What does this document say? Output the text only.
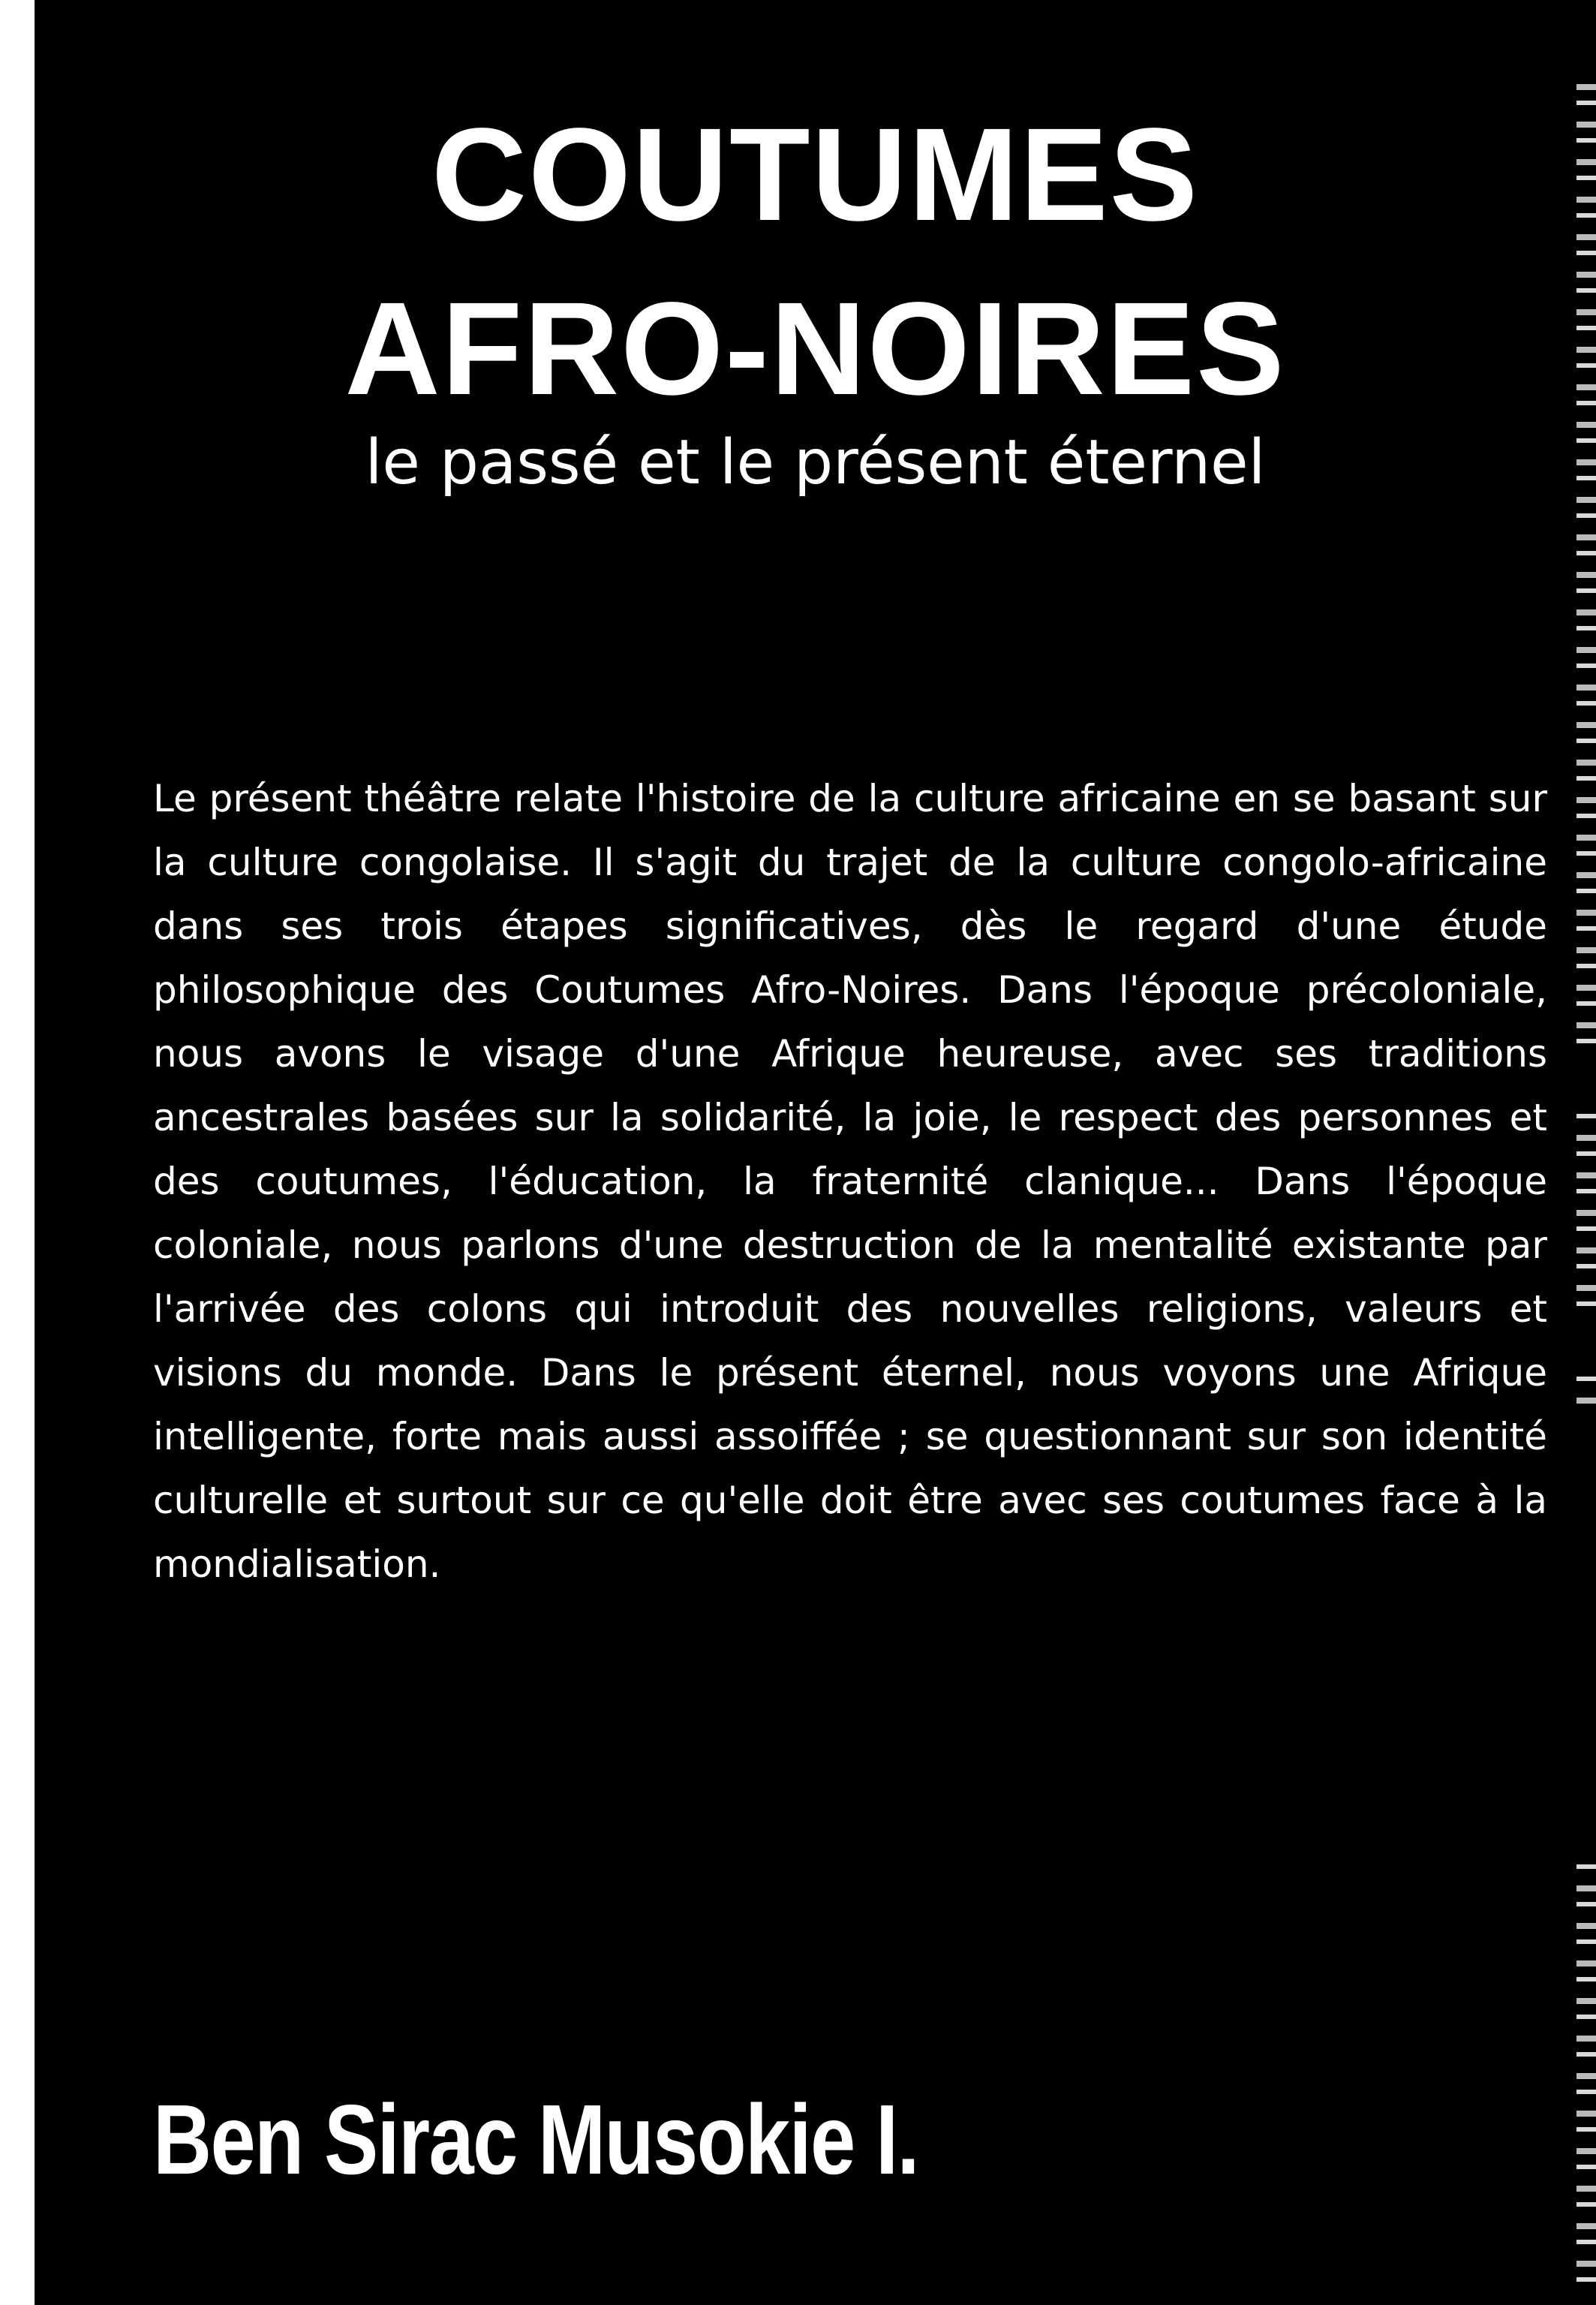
COUTUMES
AFRO-NOIRES

le passé et le présent éternel

Le présent théâtre relate l'histoire de la culture africaine en se basant sur la culture congolaise. Il s'agit du trajet de la culture congolo-africaine dans ses trois étapes significatives, dès le regard d'une étude philosophique des Coutumes Afro-Noires. Dans l'époque précoloniale, nous avons le visage d'une Afrique heureuse, avec ses traditions ancestrales basées sur la solidarité, la joie, le respect des personnes et des coutumes, l'éducation, la fraternité clanique... Dans l'époque coloniale, nous parlons d'une destruction de la mentalité existante par l'arrivée des colons qui introduit des nouvelles religions, valeurs et visions du monde. Dans le présent éternel, nous voyons une Afrique intelligente, forte mais aussi assoiffée ; se questionnant sur son identité culturelle et surtout sur ce qu'elle doit être avec ses coutumes face à la mondialisation.

Ben Sirac Musokie I.
